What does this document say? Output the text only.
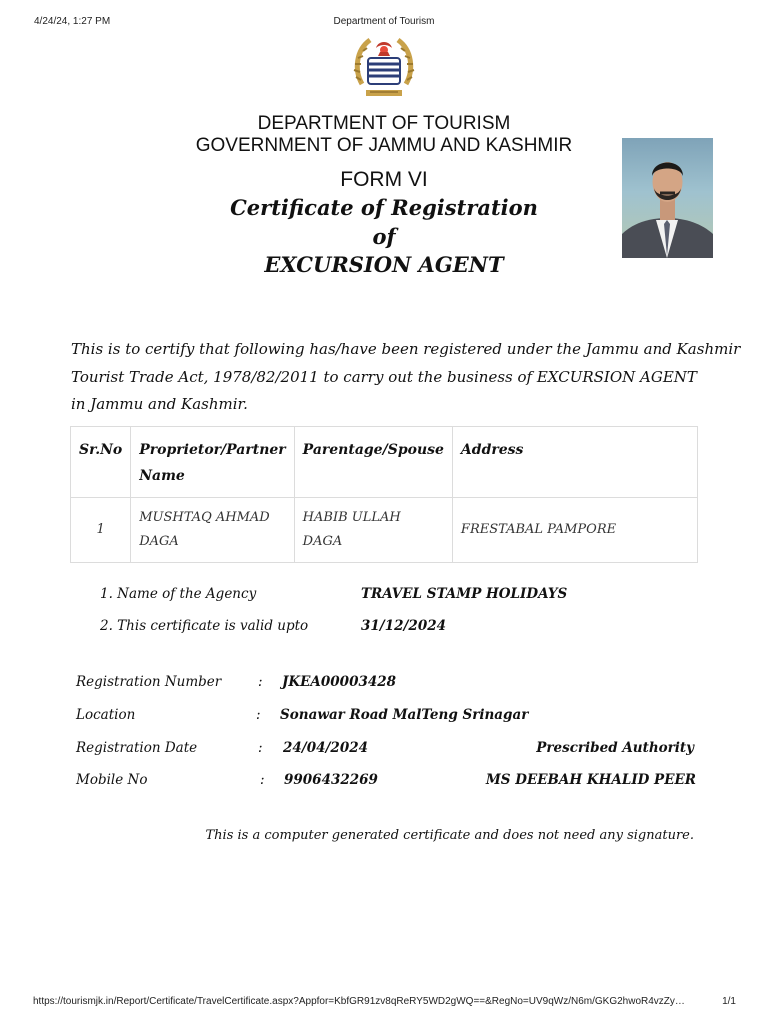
4/24/24, 1:27 PM	Department of Tourism
DEPARTMENT OF TOURISM
GOVERNMENT OF JAMMU AND KASHMIR
FORM VI
Certificate of Registration
of
EXCURSION AGENT
This is to certify that following has/have been registered under the Jammu and Kashmir
Tourist Trade Act, 1978/82/2011 to carry out the business of EXCURSION AGENT
in Jammu and Kashmir.
Sr.No	Proprietor/Partner Name	Parentage/Spouse	Address
1	MUSHTAQ AHMAD DAGA	HABIB ULLAH DAGA	FRESTABAL PAMPORE
1. Name of the Agency	TRAVEL STAMP HOLIDAYS
2. This certificate is valid upto	31/12/2024
Registration Number	: JKEA00003428
Location	: Sonawar Road MalTeng Srinagar
Registration Date	: 24/04/2024	Prescribed Authority
Mobile No	: 9906432269	MS DEEBAH KHALID PEER
This is a computer generated certificate and does not need any signature.
https://tourismjk.in/Report/Certificate/TravelCertificate.aspx?Appfor=KbfGR91zv8qReRY5WD2gWQ==&RegNo=UV9qWz/N6m/GKG2hwoR4vzZy…	1/1
